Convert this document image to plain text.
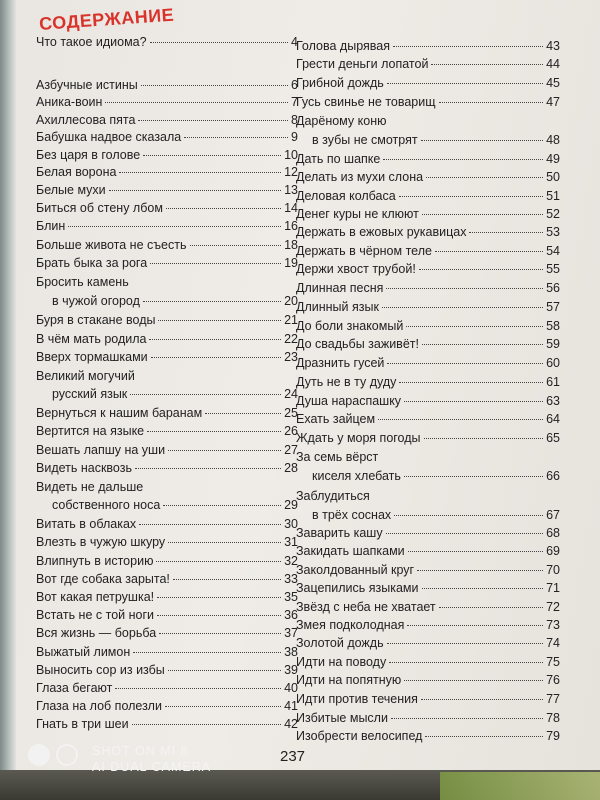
СОДЕРЖАНИЕ
Что такое идиома?	4
Азбучные истины	6
Аника-воин	7
Ахиллесова пята	8
Бабушка надвое сказала	9
Без царя в голове	10
Белая ворона	12
Белые мухи	13
Биться об стену лбом	14
Блин	16
Больше живота не съесть	18
Брать быка за рога	19
Бросить камень
в чужой огород	20
Буря в стакане воды	21
В чём мать родила	22
Вверх тормашками	23
Великий могучий
русский язык	24
Вернуться к нашим баранам	25
Вертится на языке	26
Вешать лапшу на уши	27
Видеть насквозь	28
Видеть не дальше
собственного носа	29
Витать в облаках	30
Влезть в чужую шкуру	31
Влипнуть в историю	32
Вот где собака зарыта!	33
Вот какая петрушка!	35
Встать не с той ноги	36
Вся жизнь — борьба	37
Выжатый лимон	38
Выносить сор из избы	39
Глаза бегают	40
Глаза на лоб полезли	41
Гнать в три шеи	42
Голова дырявая	43
Грести деньги лопатой	44
Грибной дождь	45
Гусь свинье не товарищ	47
Дарёному коню
в зубы не смотрят	48
Дать по шапке	49
Делать из мухи слона	50
Деловая колбаса	51
Денег куры не клюют	52
Держать в ежовых рукавицах	53
Держать в чёрном теле	54
Держи хвост трубой!	55
Длинная песня	56
Длинный язык	57
До боли знакомый	58
До свадьбы заживёт!	59
Дразнить гусей	60
Дуть не в ту дуду	61
Душа нараспашку	63
Ехать зайцем	64
Ждать у моря погоды	65
За семь вёрст
киселя хлебать	66
Заблудиться
в трёх соснах	67
Заварить кашу	68
Закидать шапками	69
Заколдованный круг	70
Зацепились языками	71
Звёзд с неба не хватает	72
Змея подколодная	73
Золотой дождь	74
Идти на поводу	75
Идти на попятную	76
Идти против течения	77
Избитые мысли	78
Изобрести велосипед	79
237
SHOT ON MI 8
AI DUAL CAMERA
